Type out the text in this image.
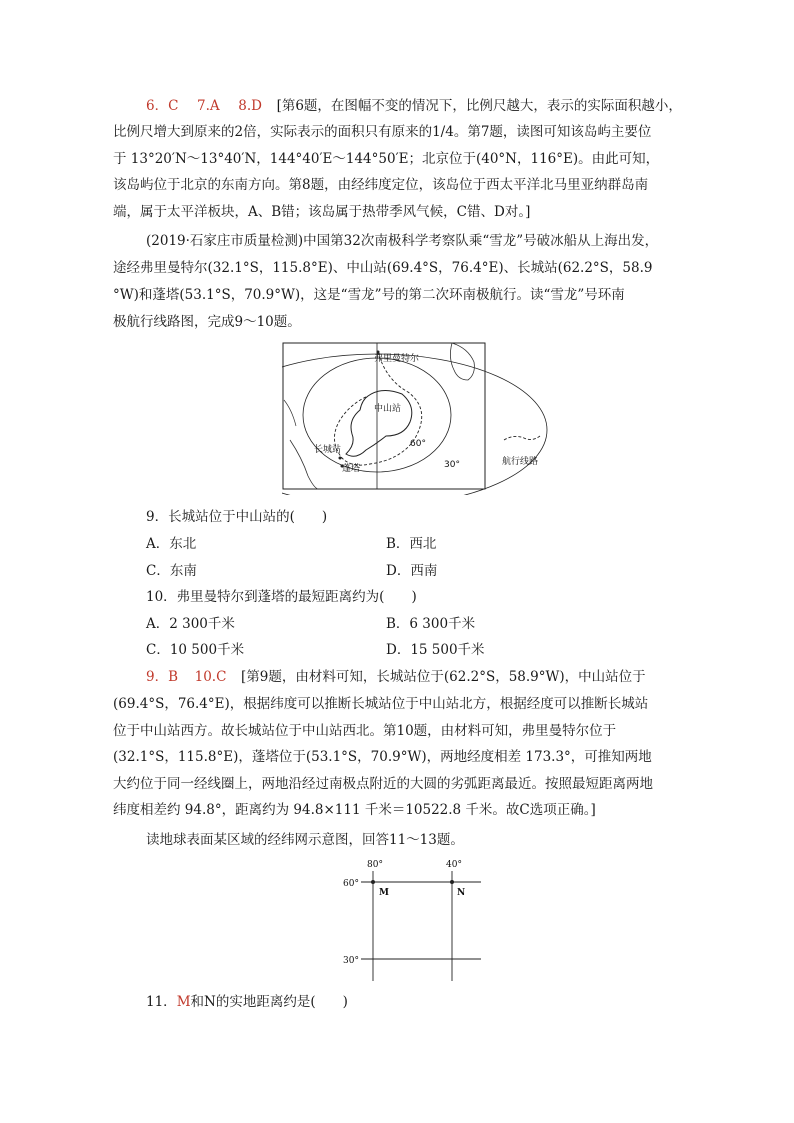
6．C 7.A 8.D [第6题，在图幅不变的情况下，比例尺越大，表示的实际面积越小，
比例尺增大到原来的2倍，实际表示的面积只有原来的1/4。第7题，读图可知该岛屿主要位
于 13°20′N～13°40′N，144°40′E～144°50′E；北京位于(40°N，116°E)。由此可知，
该岛屿位于北京的东南方向。第8题，由经纬度定位，该岛位于西太平洋北马里亚纳群岛南
端，属于太平洋板块，A、B错；该岛属于热带季风气候，C错、D对。]
(2019·石家庄市质量检测)中国第32次南极科学考察队乘“雪龙”号破冰船从上海出发，
途经弗里曼特尔(32.1°S，115.8°E)、中山站(69.4°S，76.4°E)、长城站(62.2°S，58.9
°W)和蓬塔(53.1°S，70.9°W)，这是“雪龙”号的第二次环南极航行。读“雪龙”号环南
极航行线路图，完成9～10题。
弗里曼特尔
中山站
长城站
蓬塔
60°
30°	航行线路
9．长城站位于中山站的(　　)
A．东北	B．西北
C．东南	D．西南
10．弗里曼特尔到蓬塔的最短距离约为(　　)
A．2 300千米	B．6 300千米
C．10 500千米	D．15 500千米
9．B 10.C [第9题，由材料可知，长城站位于(62.2°S，58.9°W)，中山站位于
(69.4°S，76.4°E)，根据纬度可以推断长城站位于中山站北方，根据经度可以推断长城站
位于中山站西方。故长城站位于中山站西北。第10题，由材料可知，弗里曼特尔位于
(32.1°S，115.8°E)，蓬塔位于(53.1°S，70.9°W)，两地经度相差 173.3°，可推知两地
大约位于同一经线圈上，两地沿经过南极点附近的大圆的劣弧距离最近。按照最短距离两地
纬度相差约 94.8°，距离约为 94.8×111 千米＝10522.8 千米。故C选项正确。]
读地球表面某区域的经纬网示意图，回答11～13题。
80°	40°
60°
30°
M	N
11．M和N的实地距离约是(　　)
